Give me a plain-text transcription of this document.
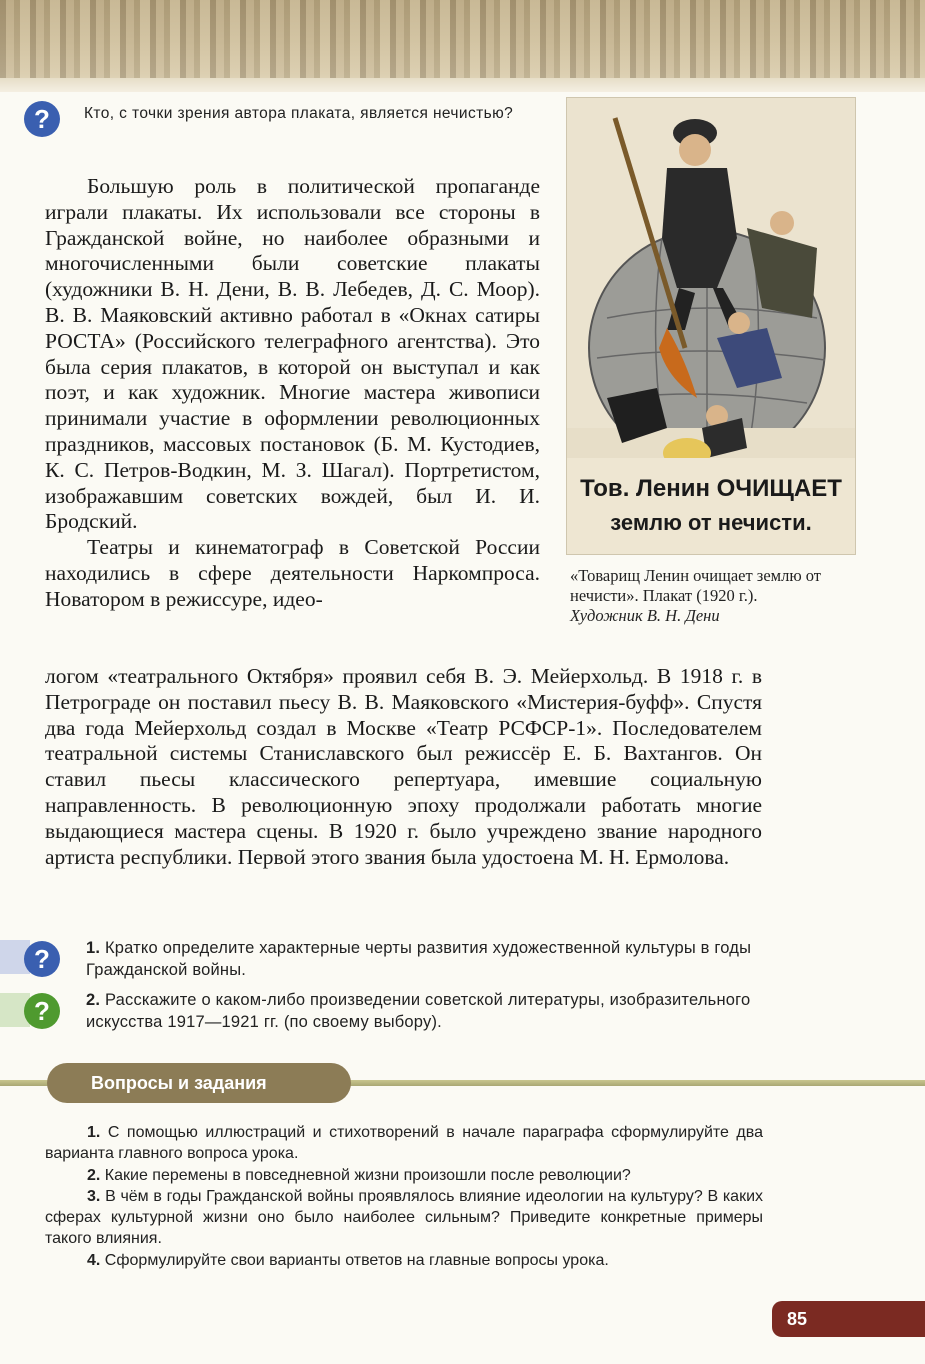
?	Кто, с точки зрения автора плаката, является нечистью?

Большую роль в политической пропаганде играли плакаты. Их использовали все стороны в Гражданской войне, но наиболее образными и многочисленными были советские плакаты (художники В. Н. Дени, В. В. Лебедев, Д. С. Моор). В. В. Маяковский активно работал в «Окнах сатиры РОСТА» (Российского телеграфного агентства). Это была серия плакатов, в которой он выступал и как поэт, и как художник. Многие мастера живописи принимали участие в оформлении революционных праздников, массовых постановок (Б. М. Кустодиев, К. С. Петров-Водкин, М. З. Шагал). Портретистом, изображавшим советских вождей, был И. И. Бродский.

Театры и кинематограф в Советской России находились в сфере деятельности Наркомпроса. Новатором в режиссуре, идео-

логом «театрального Октября» проявил себя В. Э. Мейерхольд. В 1918 г. в Петрограде он поставил пьесу В. В. Маяковского «Мистерия-буфф». Спустя два года Мейерхольд создал в Москве «Театр РСФСР-1». Последователем театральной системы Станиславского был режиссёр Е. Б. Вахтангов. Он ставил пьесы классического репертуара, имевшие социальную направленность. В революционную эпоху продолжали работать многие выдающиеся мастера сцены. В 1920 г. было учреждено звание народного артиста республики. Первой этого звания была удостоена М. Н. Ермолова.

Тов. Ленин ОЧИЩАЕТ
землю от нечисти.
«Товарищ Ленин очищает землю от нечисти». Плакат (1920 г.).
Художник В. Н. Дени
?	1. Кратко определите характерные черты развития художественной культуры в годы Гражданской войны.

?	2. Расскажите о каком-либо произведении советской литературы, изобразительного искусства 1917—1921 гг. (по своему выбору).

Вопросы и задания

1. С помощью иллюстраций и стихотворений в начале параграфа сформулируйте два варианта главного вопроса урока.

2. Какие перемены в повседневной жизни произошли после революции?

3. В чём в годы Гражданской войны проявлялось влияние идеологии на культуру? В каких сферах культурной жизни оно было наиболее сильным? Приведите конкретные примеры такого влияния.

4. Сформулируйте свои варианты ответов на главные вопросы урока.

85
